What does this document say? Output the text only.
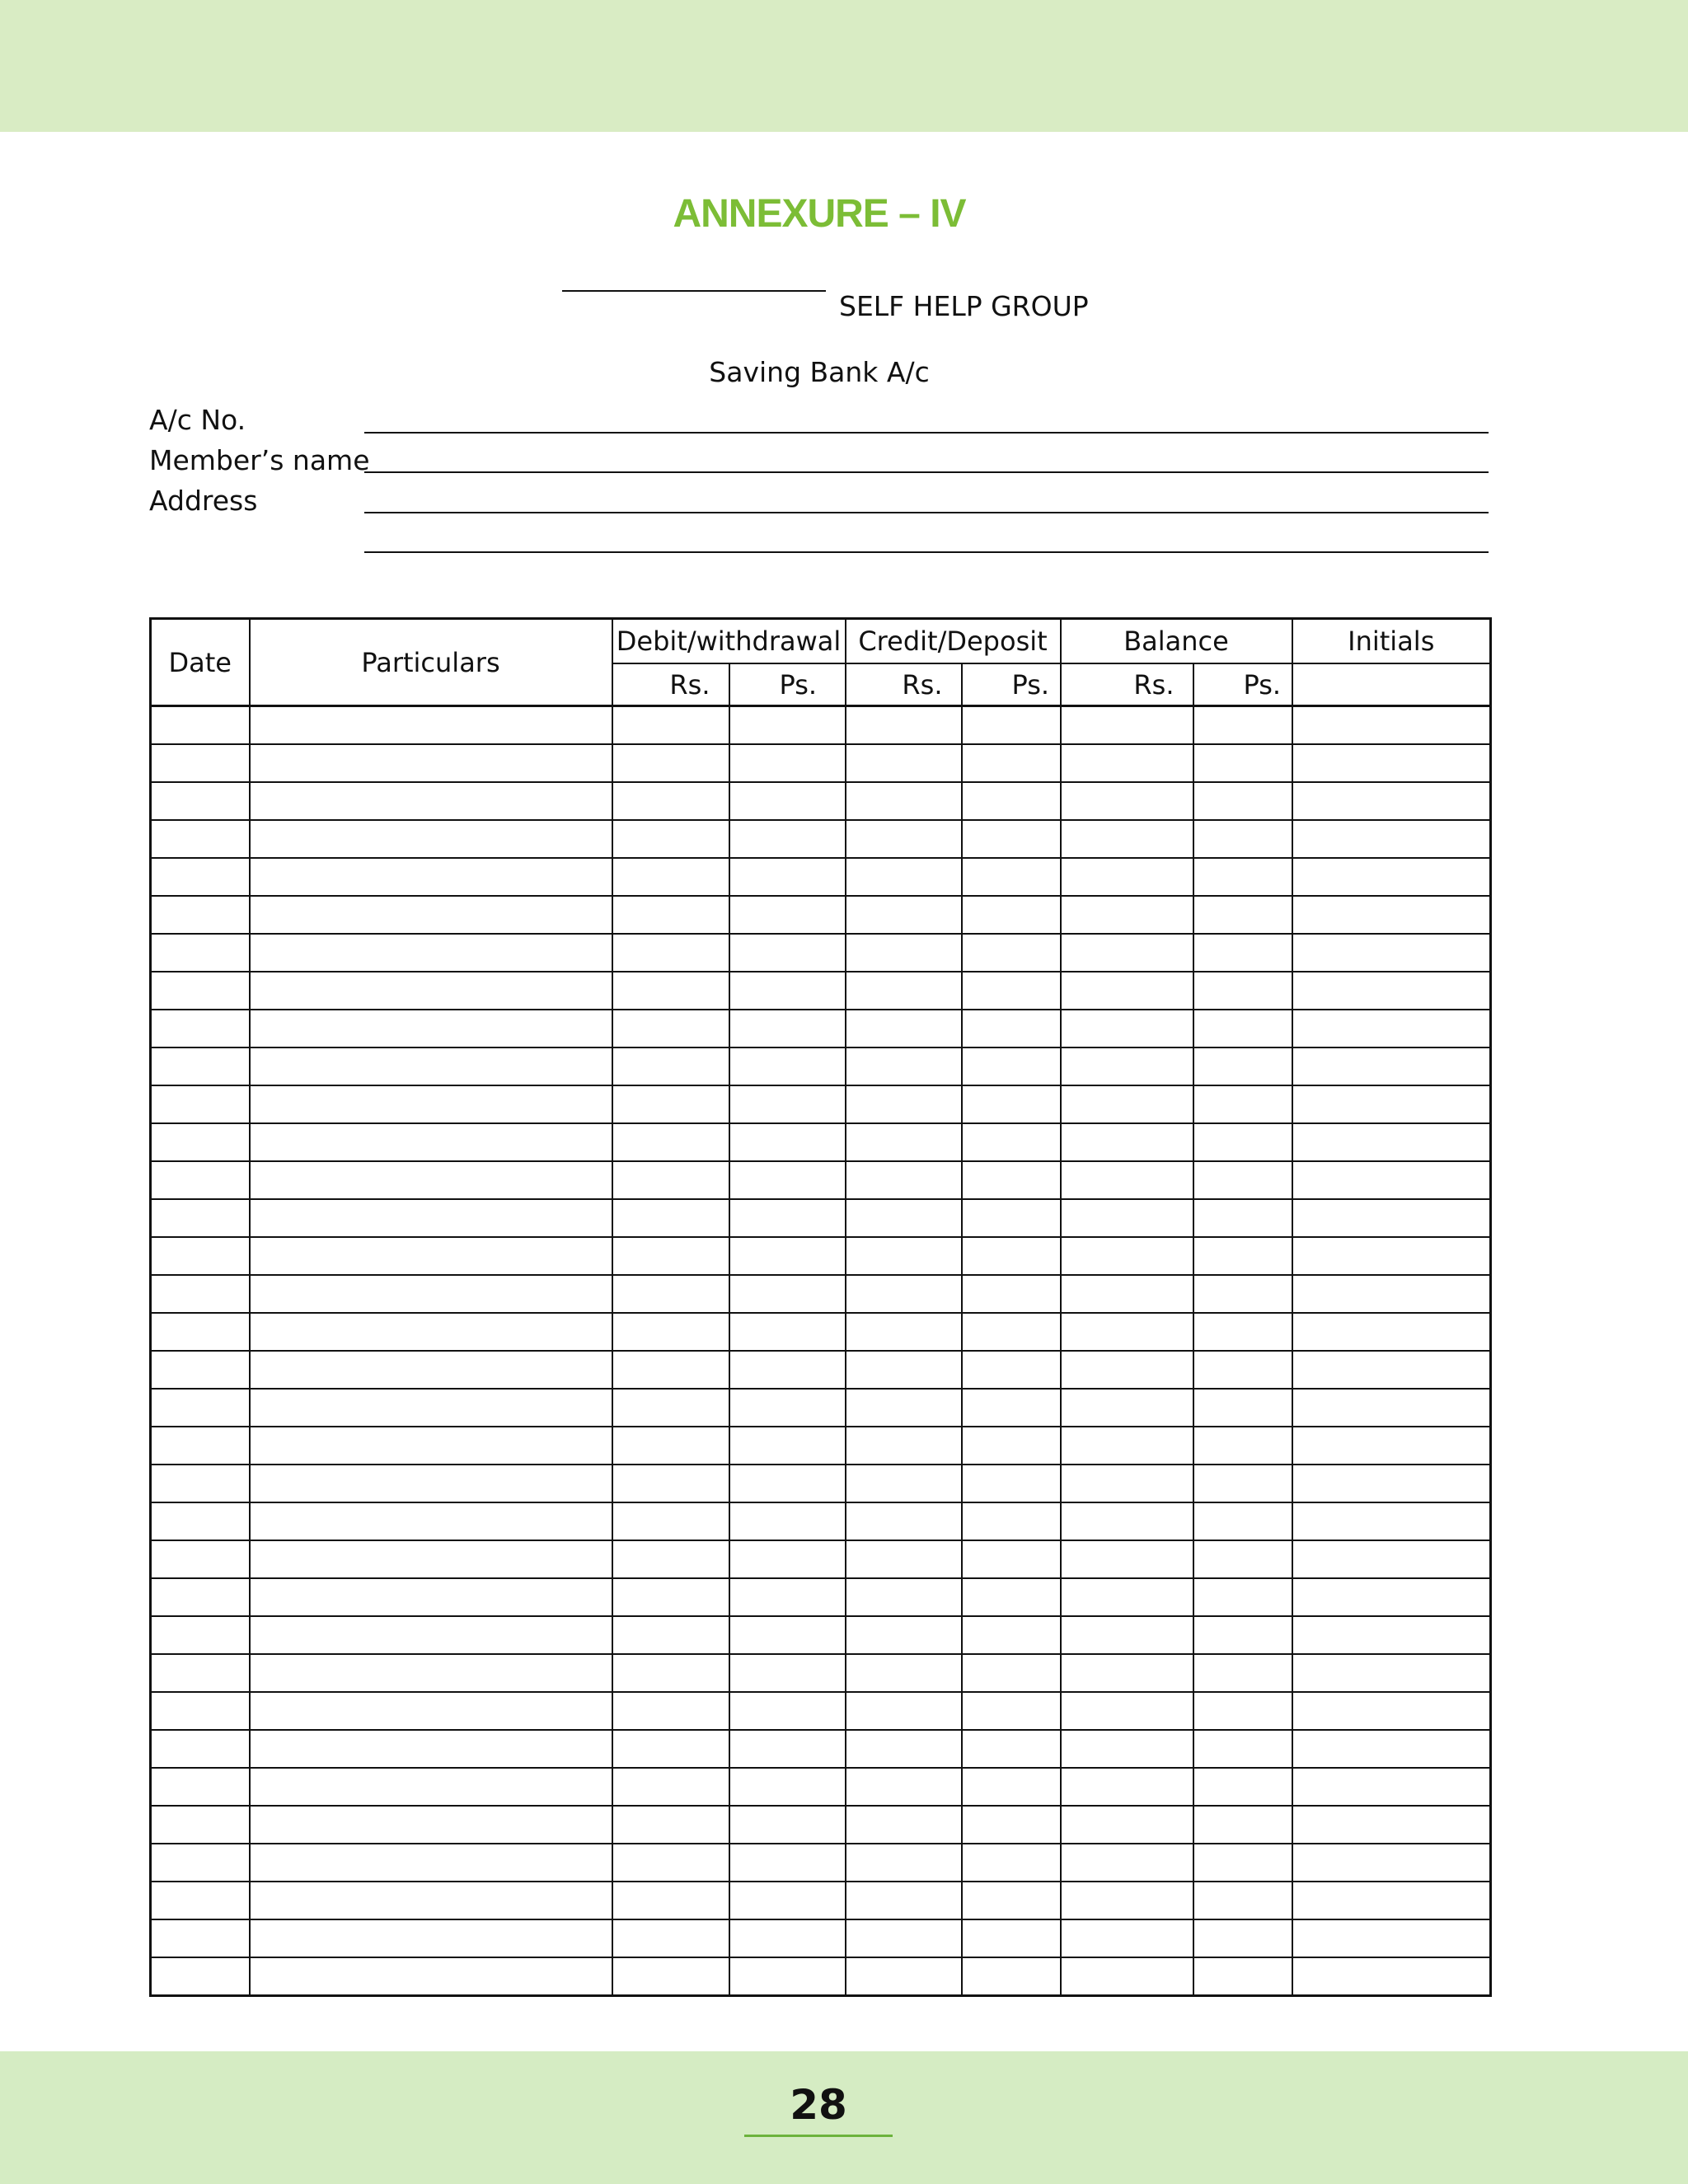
ANNEXURE – IV
SELF HELP GROUP
Saving Bank A/c
A/c No.
Member’s name
Address
Date	Particulars	Debit/withdrawal		Credit/Deposit		Balance		Initials
		Rs.	Ps.	Rs.	Ps.	Rs.	Ps.	

28
